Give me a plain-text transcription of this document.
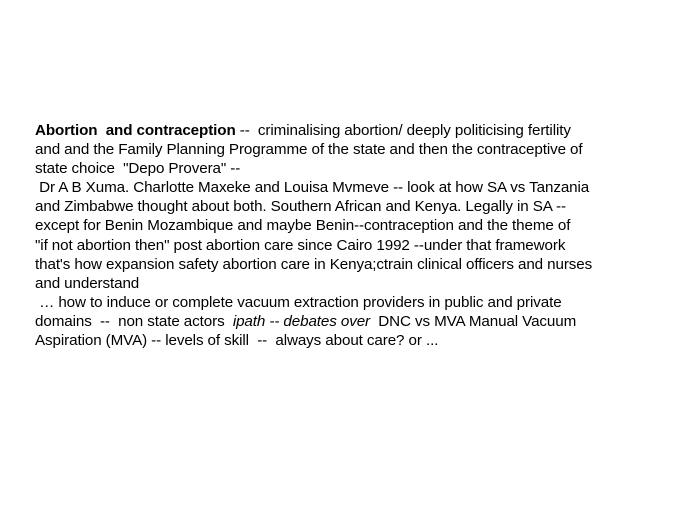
Abortion  and contraception --  criminalising abortion/ deeply politicising fertility
and and the Family Planning Programme of the state and then the contraceptive of
state choice  "Depo Provera" --
Dr A B Xuma. Charlotte Maxeke and Louisa Mvmeve -- look at how SA vs Tanzania
and Zimbabwe thought about both. Southern African and Kenya. Legally in SA --
except for Benin Mozambique and maybe Benin--contraception and the theme of
"if not abortion then" post abortion care since Cairo 1992 --under that framework
that's how expansion safety abortion care in Kenya;ctrain clinical officers and nurses
and understand
… how to induce or complete vacuum extraction providers in public and private
domains  --  non state actors  ipath -- debates over  DNC vs MVA Manual Vacuum
Aspiration (MVA) -- levels of skill  --  always about care? or ...
